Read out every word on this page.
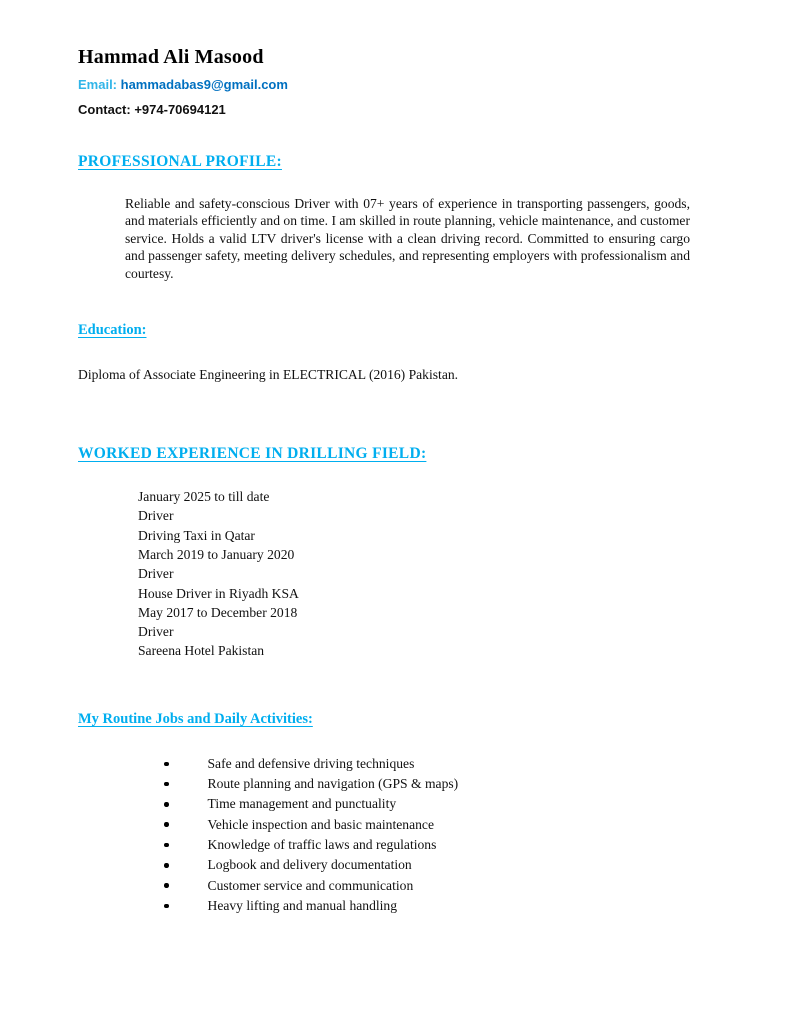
Hammad Ali Masood
Email: hammadabas9@gmail.com
Contact: +974-70694121
PROFESSIONAL PROFILE:
Reliable and safety-conscious Driver with 07+ years of experience in transporting passengers, goods, and materials efficiently and on time. I am skilled in route planning, vehicle maintenance, and customer service. Holds a valid LTV driver's license with a clean driving record. Committed to ensuring cargo and passenger safety, meeting delivery schedules, and representing employers with professionalism and courtesy.
Education:
Diploma of Associate Engineering in ELECTRICAL (2016) Pakistan.
WORKED EXPERIENCE IN DRILLING FIELD:
January 2025 to till date
Driver
Driving Taxi in Qatar
March 2019 to January 2020
Driver
House Driver in Riyadh KSA
May 2017 to December 2018
Driver
Sareena Hotel Pakistan
My Routine Jobs and Daily Activities:
Safe and defensive driving techniques
Route planning and navigation (GPS & maps)
Time management and punctuality
Vehicle inspection and basic maintenance
Knowledge of traffic laws and regulations
Logbook and delivery documentation
Customer service and communication
Heavy lifting and manual handling
